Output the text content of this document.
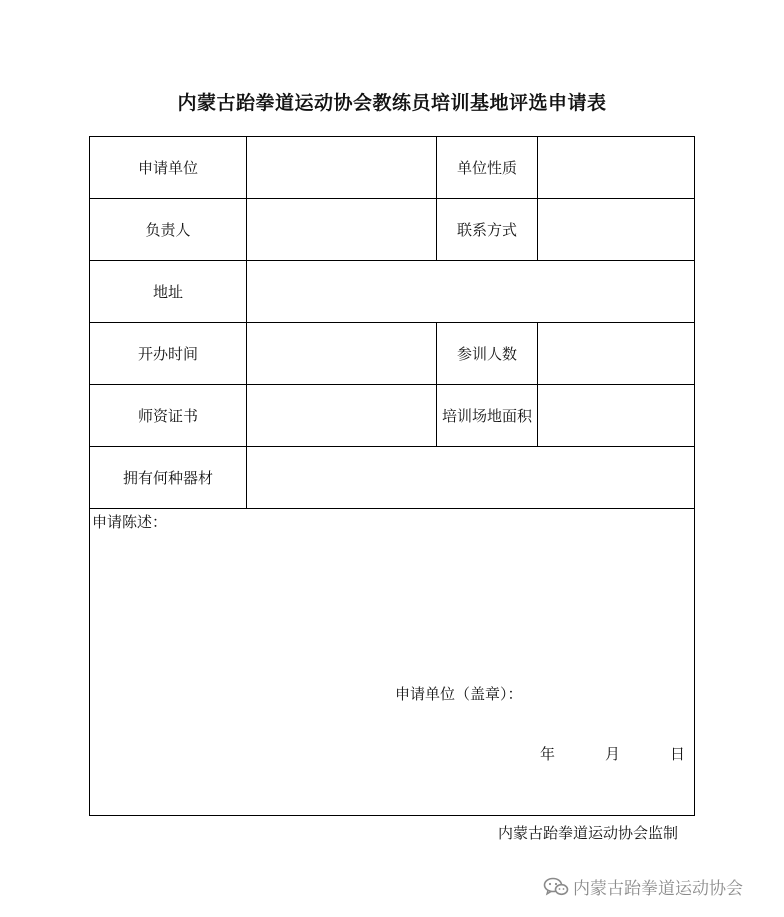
内蒙古跆拳道运动协会教练员培训基地评选申请表
申请单位		单位性质	
负责人		联系方式	
地址			
开办时间		参训人数	
师资证书		培训场地面积	
拥有何种器材			

申请陈述：
申请单位（盖章）：
年 月 日			
内蒙古跆拳道运动协会监制
内蒙古跆拳道运动协会
